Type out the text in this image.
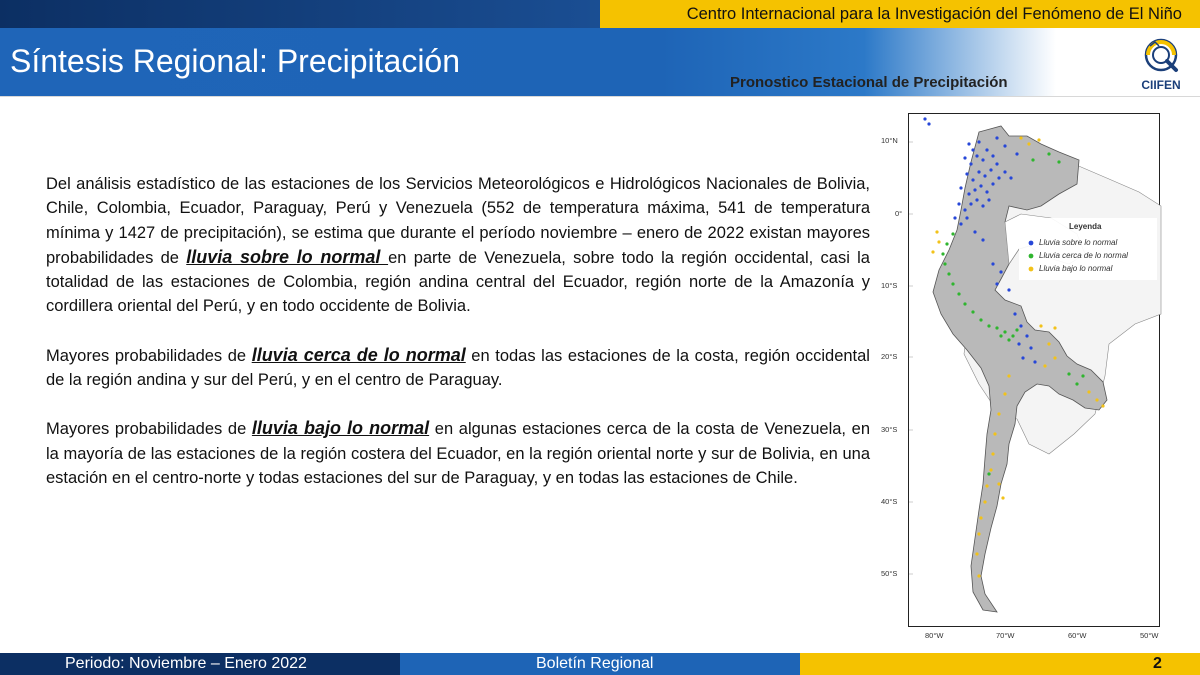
Centro Internacional para la Investigación del Fenómeno de El Niño
Síntesis Regional: Precipitación
Pronostico Estacional de Precipitación	CIIFEN

Del análisis estadístico de las estaciones de los Servicios Meteorológicos e Hidrológicos Nacionales de Bolivia, Chile, Colombia, Ecuador, Paraguay, Perú y Venezuela (552 de temperatura máxima, 541 de temperatura mínima y 1427 de precipitación), se estima que durante el período noviembre – enero de 2022 existan mayores probabilidades de lluvia sobre lo normal en parte de Venezuela, sobre todo la región occidental, casi la totalidad de las estaciones de Colombia, región andina central del Ecuador, región norte de la Amazonía y cordillera oriental del Perú, y en todo occidente de Bolivia.

Mayores probabilidades de lluvia cerca de lo normal en todas las estaciones de la costa, región occidental de la región andina y sur del Perú, y en el centro de Paraguay.

Mayores probabilidades de lluvia bajo lo normal en algunas estaciones cerca de la costa de Venezuela, en la mayoría de las estaciones de la región costera del Ecuador, en la región oriental norte y sur de Bolivia, en una estación en el centro-norte y todas estaciones del sur de Paraguay, y en todas las estaciones de Chile.

10°N
0°
10°S
20°S
30°S
40°S
50°S
Leyenda
Lluvia sobre lo normal
Lluvia cerca de lo normal
Lluvia bajo lo normal
80°W	70°W	60°W	50°W
Periodo: Noviembre – Enero 2022	Boletín Regional	2
